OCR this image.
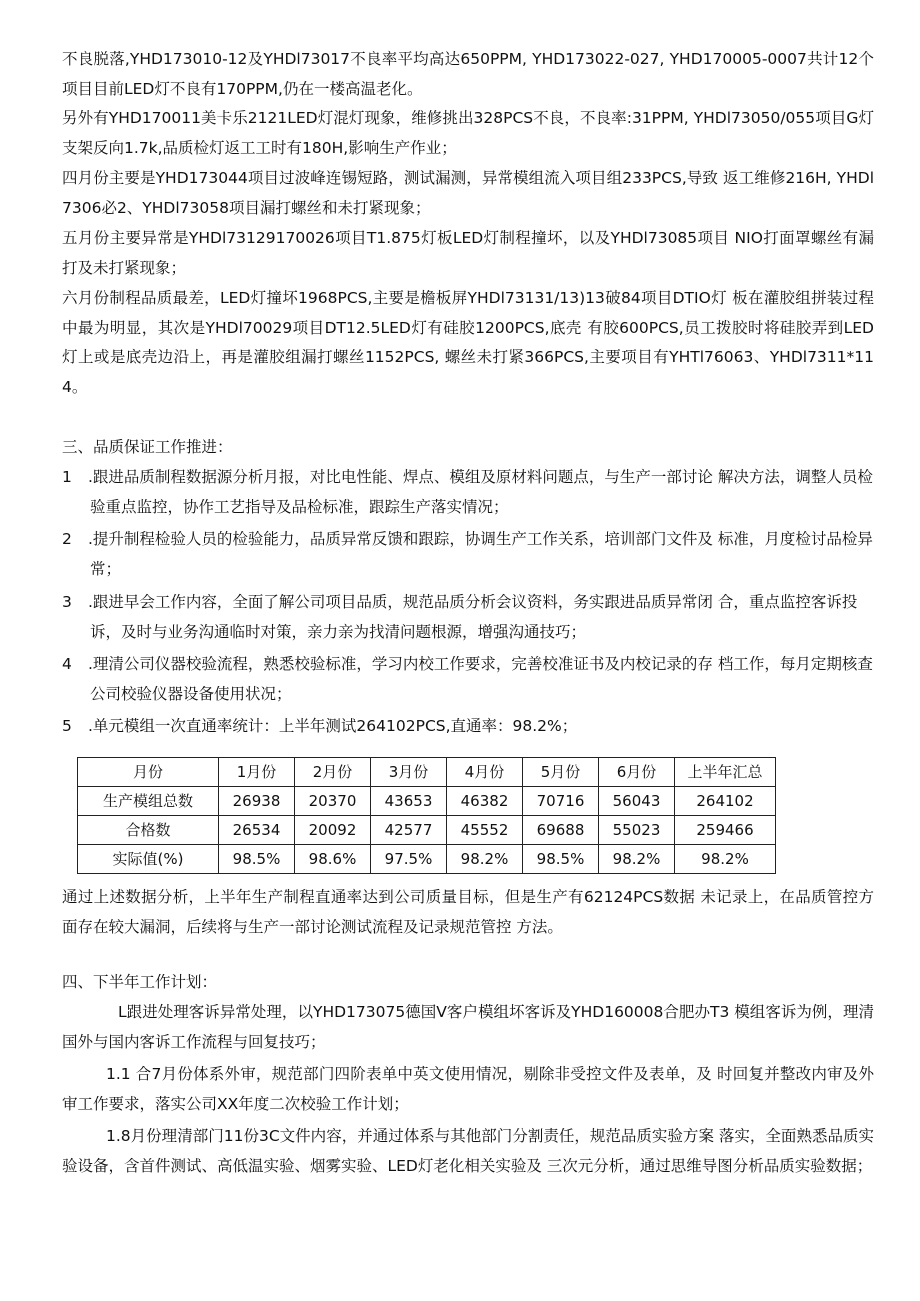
不良脱落,YHD173010-12及YHDl73017不良率平均高达650PPM, YHD173022-027, YHD170005-0007共计12个项目目前LED灯不良有170PPM,仍在一楼高温老化。

另外有YHD170011美卡乐2121LED灯混灯现象，维修挑出328PCS不良，不良率:31PPM, YHDl73050/055项目G灯支架反向1.7k,品质检灯返工工时有180H,影响生产作业；

四月份主要是YHD173044项目过波峰连锡短路，测试漏测，异常模组流入项目组233PCS,导致 返工维修216H, YHDl7306必2、YHDl73058项目漏打螺丝和未打紧现象；

五月份主要异常是YHDl73129170026项目T1.875灯板LED灯制程撞坏，以及YHDl73085项目 NIO打面罩螺丝有漏打及未打紧现象；

六月份制程品质最差，LED灯撞坏1968PCS,主要是檐板屏YHDl73131/13)13破84项目DTIO灯 板在灌胶组拼装过程中最为明显，其次是YHDl70029项目DT12.5LED灯有硅胶1200PCS,底壳 有胶600PCS,员工拨胶时将硅胶弄到LED灯上或是底壳边沿上，再是灌胶组漏打螺丝1152PCS, 螺丝未打紧366PCS,主要项目有YHTl76063、YHDl7311*114。

三、品质保证工作推进：

1	.跟进品质制程数据源分析月报，对比电性能、焊点、模组及原材料问题点，与生产一部讨论 解决方法，调整人员检验重点监控，协作工艺指导及品检标准，跟踪生产落实情况；
2	.提升制程检验人员的检验能力，品质异常反馈和跟踪，协调生产工作关系，培训部门文件及 标准，月度检讨品检异常；
3	.跟进早会工作内容，全面了解公司项目品质，规范品质分析会议资料，务实跟进品质异常闭 合，重点监控客诉投诉，及时与业务沟通临时对策，亲力亲为找清问题根源，增强沟通技巧；
4	.理清公司仪器校验流程，熟悉校验标准，学习内校工作要求，完善校准证书及内校记录的存 档工作，每月定期核查公司校验仪器设备使用状况；
5	.单元模组一次直通率统计：上半年测试264102PCS,直通率：98.2%；
月份	1月份	2月份	3月份	4月份	5月份	6月份	上半年汇总
生产模组总数	26938	20370	43653	46382	70716	56043	264102
合格数	26534	20092	42577	45552	69688	55023	259466
实际值(%)	98.5%	98.6%	97.5%	98.2%	98.5%	98.2%	98.2%

通过上述数据分析，上半年生产制程直通率达到公司质量目标，但是生产有62124PCS数据 未记录上，在品质管控方面存在较大漏洞，后续将与生产一部讨论测试流程及记录规范管控 方法。

四、下半年工作计划：

L跟进处理客诉异常处理，以YHD173075德国V客户模组坏客诉及YHD160008合肥办T3 模组客诉为例，理清国外与国内客诉工作流程与回复技巧；

1.1 合7月份体系外审，规范部门四阶表单中英文使用情况，剔除非受控文件及表单，及 时回复并整改内审及外审工作要求，落实公司XX年度二次校验工作计划；

1.8月份理清部门11份3C文件内容，并通过体系与其他部门分割责任，规范品质实验方案 落实，全面熟悉品质实验设备，含首件测试、高低温实验、烟雾实验、LED灯老化相关实验及 三次元分析，通过思维导图分析品质实验数据；
